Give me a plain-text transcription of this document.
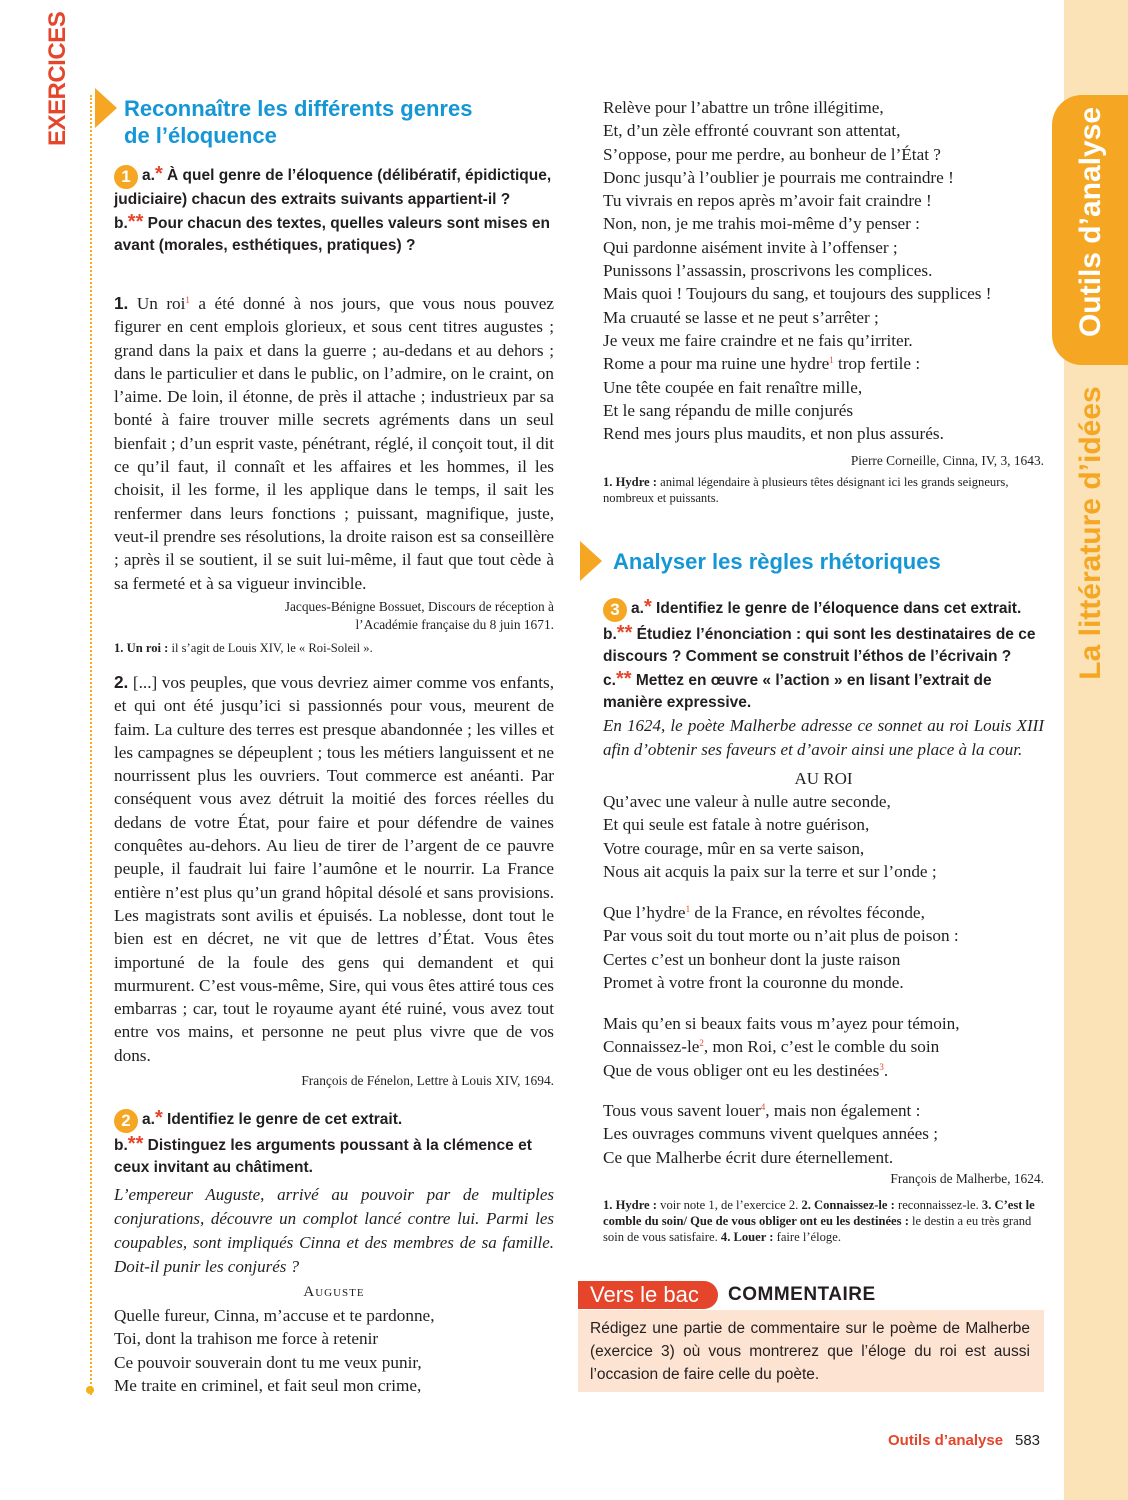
EXERCICES
Outils d’analyse
La littérature d’idées
Reconnaître les différents genres
de l’éloquence
1 a.* À quel genre de l’éloquence (délibératif, épidictique, judiciaire) chacun des extraits suivants appartient-il ?
b.** Pour chacun des textes, quelles valeurs sont mises en avant (morales, esthétiques, pratiques) ?

1. Un roi$^1$ a été donné à nos jours, que vous nous pouvez figurer en cent emplois glorieux, et sous cent titres augustes ; grand dans la paix et dans la guerre ; au-dedans et au dehors ; dans le particulier et dans le public, on l’admire, on le craint, on l’aime. De loin, il étonne, de près il attache ; industrieux par sa bonté à faire trouver mille secrets agréments dans un seul bienfait ; d’un esprit vaste, pénétrant, réglé, il conçoit tout, il dit ce qu’il faut, il connaît et les affaires et les hommes, il les choisit, il les forme, il les applique dans le temps, il sait les renfermer dans leurs fonctions ; puissant, magnifique, juste, veut-il prendre ses résolutions, la droite raison est sa conseillère ; après il se soutient, il se suit lui-même, il faut que tout cède à sa fermeté et à sa vigueur invincible.

Jacques-Bénigne Bossuet, Discours de réception à
l’Académie française du 8 juin 1671.
1. Un roi : il s’agit de Louis XIV, le « Roi-Soleil ».

2. [...] vos peuples, que vous devriez aimer comme vos enfants, et qui ont été jusqu’ici si passionnés pour vous, meurent de faim. La culture des terres est presque abandonnée ; les villes et les campagnes se dépeuplent ; tous les métiers languissent et ne nourrissent plus les ouvriers. Tout commerce est anéanti. Par conséquent vous avez détruit la moitié des forces réelles du dedans de votre État, pour faire et pour défendre de vaines conquêtes au-dehors. Au lieu de tirer de l’argent de ce pauvre peuple, il faudrait lui faire l’aumône et le nourrir. La France entière n’est plus qu’un grand hôpital désolé et sans provisions. Les magistrats sont avilis et épuisés. La noblesse, dont tout le bien est en décret, ne vit que de lettres d’État. Vous êtes importuné de la foule des gens qui demandent et qui murmurent. C’est vous-même, Sire, qui vous êtes attiré tous ces embarras ; car, tout le royaume ayant été ruiné, vous avez tout entre vos mains, et personne ne peut plus vivre que de vos dons.

François de Fénelon, Lettre à Louis XIV, 1694.
2 a.* Identifiez le genre de cet extrait.
b.** Distinguez les arguments poussant à la clémence et ceux invitant au châtiment.
L’empereur Auguste, arrivé au pouvoir par de multiples conjurations, découvre un complot lancé contre lui. Parmi les coupables, sont impliqués Cinna et des membres de sa famille. Doit-il punir les conjurés ?
Auguste
Quelle fureur, Cinna, m’accuse et te pardonne,
Toi, dont la trahison me force à retenir
Ce pouvoir souverain dont tu me veux punir,
Me traite en criminel, et fait seul mon crime,
Relève pour l’abattre un trône illégitime,
Et, d’un zèle effronté couvrant son attentat,
S’oppose, pour me perdre, au bonheur de l’État ?
Donc jusqu’à l’oublier je pourrais me contraindre !
Tu vivrais en repos après m’avoir fait craindre !
Non, non, je me trahis moi-même d’y penser :
Qui pardonne aisément invite à l’offenser ;
Punissons l’assassin, proscrivons les complices.
Mais quoi ! Toujours du sang, et toujours des supplices !
Ma cruauté se lasse et ne peut s’arrêter ;
Je veux me faire craindre et ne fais qu’irriter.
Rome a pour ma ruine une hydre$^1$ trop fertile :
Une tête coupée en fait renaître mille,
Et le sang répandu de mille conjurés
Rend mes jours plus maudits, et non plus assurés.
Pierre Corneille, Cinna, IV, 3, 1643.
1. Hydre : animal légendaire à plusieurs têtes désignant ici les grands seigneurs, nombreux et puissants.
Analyser les règles rhétoriques
3 a.* Identifiez le genre de l’éloquence dans cet extrait.
b.** Étudiez l’énonciation : qui sont les destinataires de ce discours ? Comment se construit l’éthos de l’écrivain ?
c.** Mettez en œuvre « l’action » en lisant l’extrait de manière expressive.
En 1624, le poète Malherbe adresse ce sonnet au roi Louis XIII afin d’obtenir ses faveurs et d’avoir ainsi une place à la cour.
AU ROI
Qu’avec une valeur à nulle autre seconde,
Et qui seule est fatale à notre guérison,
Votre courage, mûr en sa verte saison,
Nous ait acquis la paix sur la terre et sur l’onde ;
Que l’hydre$^1$ de la France, en révoltes féconde,
Par vous soit du tout morte ou n’ait plus de poison :
Certes c’est un bonheur dont la juste raison
Promet à votre front la couronne du monde.
Mais qu’en si beaux faits vous m’ayez pour témoin,
Connaissez-$le^2$, mon Roi, c’est le comble du soin
Que de vous obliger ont eu les destinées$^3$.
Tous vous savent louer$^4$, mais non également :
Les ouvrages communs vivent quelques années ;
Ce que Malherbe écrit dure éternellement.
François de Malherbe, 1624.
1. Hydre : voir note 1, de l’exercice 2. 2. Connaissez-le : reconnaissez-le. 3. C’est le comble du soin/ Que de vous obliger ont eu les destinées : le destin a eu très grand soin de vous satisfaire. 4. Louer : faire l’éloge.
Vers le bac	COMMENTAIRE
Rédigez une partie de commentaire sur le poème de Malherbe (exercice 3) où vous montrerez que l’éloge du roi est aussi l’occasion de faire celle du poète.
Outils d’analyse 583
